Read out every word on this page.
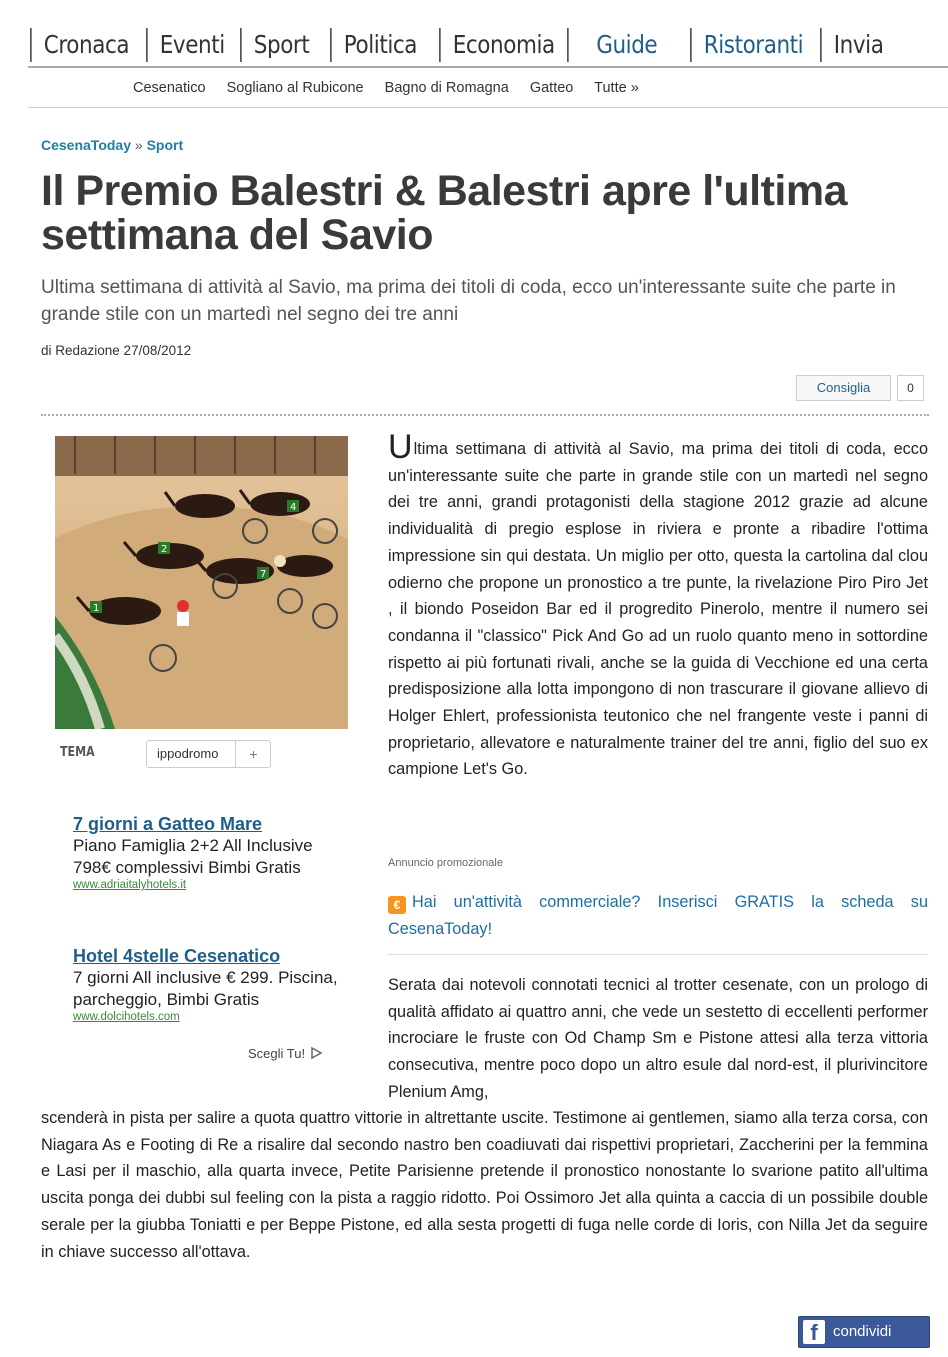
Cronaca	Eventi	Sport	Politica	Economia	Guide	Ristoranti	Invia
Cesenatico Sogliano al Rubicone Bagno di Romagna Gatteo Tutte »
CesenaToday » Sport
Il Premio Balestri & Balestri apre l'ultima settimana del Savio
Ultima settimana di attività al Savio, ma prima dei titoli di coda, ecco un'interessante suite che parte in grande stile con un martedì nel segno dei tre anni
di Redazione 27/08/2012
Consiglia	0
1
2
4
7
TEMA	ippodromo	+
7 giorni a Gatteo Mare
Piano Famiglia 2+2 All Inclusive 798€ complessivi Bimbi Gratis
www.adriaitalyhotels.it
Hotel 4stelle Cesenatico
7 giorni All inclusive € 299. Piscina, parcheggio, Bimbi Gratis
www.dolcihotels.com
Scegli Tu!
Ultima settimana di attività al Savio, ma prima dei titoli di coda, ecco un'interessante suite che parte in grande stile con un martedì nel segno dei tre anni, grandi protagonisti della stagione 2012 grazie ad alcune individualità di pregio esplose in riviera e pronte a ribadire l'ottima impressione sin qui destata. Un miglio per otto, questa la cartolina dal clou odierno che propone un pronostico a tre punte, la rivelazione Piro Piro Jet , il biondo Poseidon Bar ed il progredito Pinerolo, mentre il numero sei condanna il "classico" Pick And Go ad un ruolo quanto meno in sottordine rispetto ai più fortunati rivali, anche se la guida di Vecchione ed una certa predisposizione alla lotta impongono di non trascurare il giovane allievo di Holger Ehlert, professionista teutonico che nel frangente veste i panni di proprietario, allevatore e naturalmente trainer del tre anni, figlio del suo ex campione Let's Go.
Annuncio promozionale
€ Hai un'attività commerciale? Inserisci GRATIS la scheda su CesenaToday!
Serata dai notevoli connotati tecnici al trotter cesenate, con un prologo di qualità affidato ai quattro anni, che vede un sestetto di eccellenti performer incrociare le fruste con Od Champ Sm e Pistone attesi alla terza vittoria consecutiva, mentre poco dopo un altro esule dal nord-est, il plurivincitore Plenium Amg,
scenderà in pista per salire a quota quattro vittorie in altrettante uscite. Testimone ai gentlemen, siamo alla terza corsa, con Niagara As e Footing di Re a risalire dal secondo nastro ben coadiuvati dai rispettivi proprietari, Zaccherini per la femmina e Lasi per il maschio, alla quarta invece, Petite Parisienne pretende il pronostico nonostante lo svarione patito all'ultima uscita ponga dei dubbi sul feeling con la pista a raggio ridotto. Poi Ossimoro Jet alla quinta a caccia di un possibile double serale per la giubba Toniatti e per Beppe Pistone, ed alla sesta progetti di fuga nelle corde di Ioris, con Nilla Jet da seguire in chiave successo all'ottava.
f	condividi
